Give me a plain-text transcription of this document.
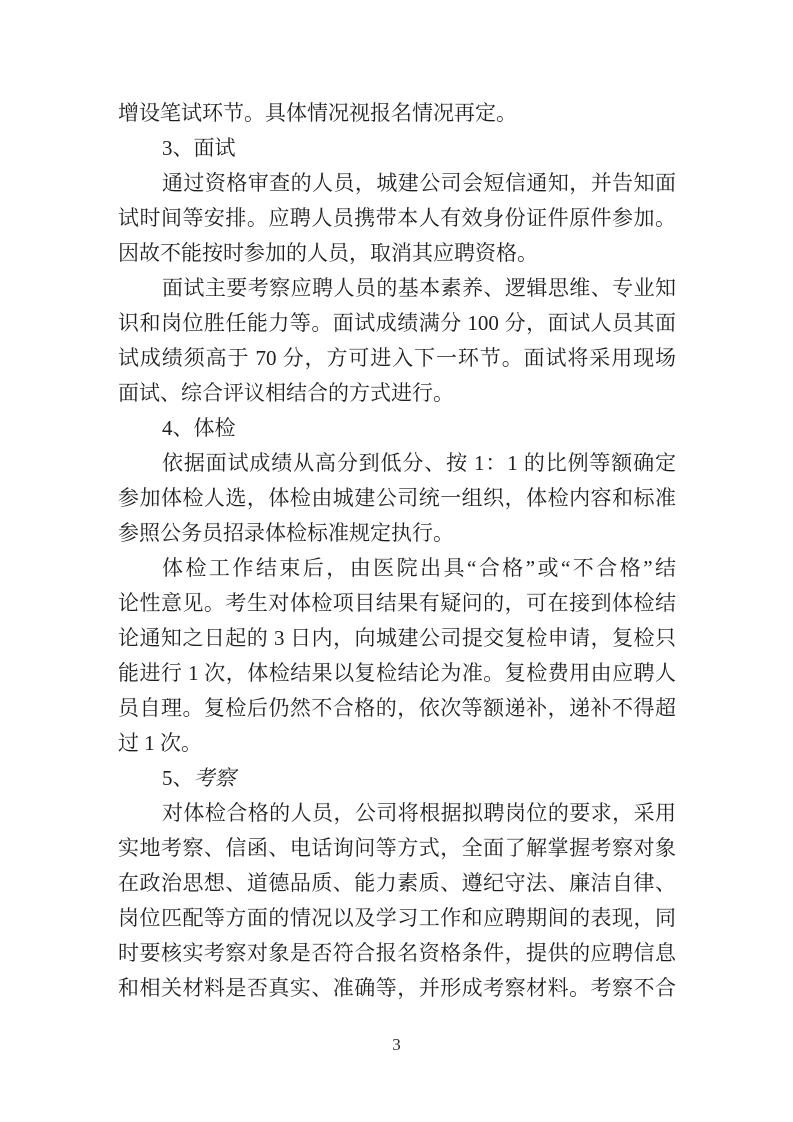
增设笔试环节。具体情况视报名情况再定。
3、面试
通过资格审查的人员，城建公司会短信通知，并告知面
试时间等安排。应聘人员携带本人有效身份证件原件参加。
因故不能按时参加的人员，取消其应聘资格。
面试主要考察应聘人员的基本素养、逻辑思维、专业知
识和岗位胜任能力等。面试成绩满分 100 分，面试人员其面
试成绩须高于 70 分，方可进入下一环节。面试将采用现场
面试、综合评议相结合的方式进行。
4、体检
依据面试成绩从高分到低分、按 1：1 的比例等额确定
参加体检人选，体检由城建公司统一组织，体检内容和标准
参照公务员招录体检标准规定执行。
体检工作结束后，由医院出具“合格”或“不合格”结
论性意见。考生对体检项目结果有疑问的，可在接到体检结
论通知之日起的 3 日内，向城建公司提交复检申请，复检只
能进行 1 次，体检结果以复检结论为准。复检费用由应聘人
员自理。复检后仍然不合格的，依次等额递补，递补不得超
过 1 次。
5、考察
对体检合格的人员，公司将根据拟聘岗位的要求，采用
实地考察、信函、电话询问等方式，全面了解掌握考察对象
在政治思想、道德品质、能力素质、遵纪守法、廉洁自律、
岗位匹配等方面的情况以及学习工作和应聘期间的表现，同
时要核实考察对象是否符合报名资格条件，提供的应聘信息
和相关材料是否真实、准确等，并形成考察材料。考察不合
3
